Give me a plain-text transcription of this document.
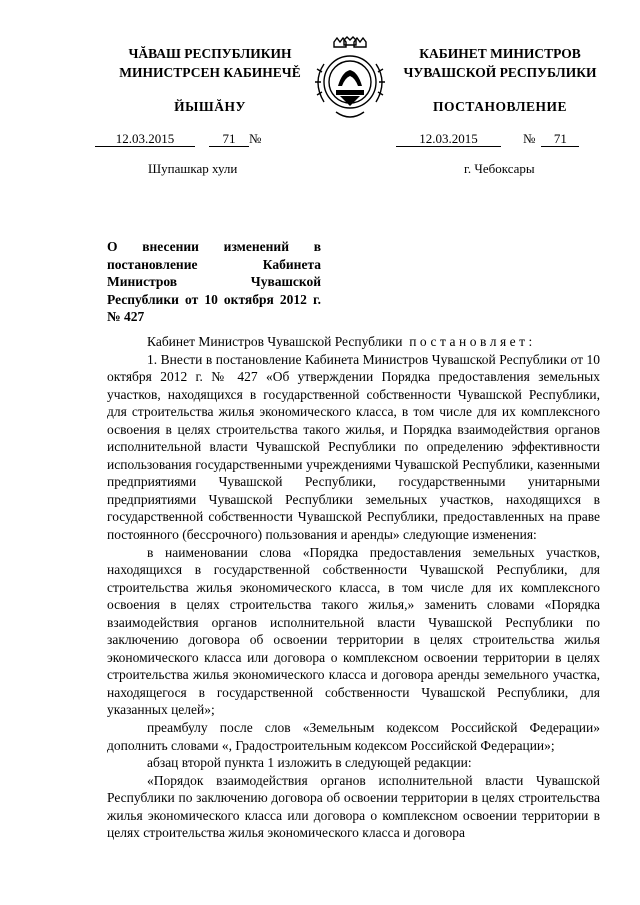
ЧĂВАШ РЕСПУБЛИКИН
МИНИСТРСЕН КАБИНЕЧĚ
ЙЫШĂНУ
КАБИНЕТ МИНИСТРОВ
ЧУВАШСКОЙ РЕСПУБЛИКИ
ПОСТАНОВЛЕНИЕ
12.03.2015	71 №	12.03.2015	№ 71
Шупашкар хули	г. Чебоксары
О внесении изменений в постановление Кабинета Министров Чувашской Республики от 10 октября 2012 г. № 427

Кабинет Министров Чувашской Республики постановляет:

1. Внести в постановление Кабинета Министров Чувашской Республики от 10 октября 2012 г. № 427 «Об утверждении Порядка предоставления земельных участков, находящихся в государственной собственности Чувашской Республики, для строительства жилья экономического класса, в том числе для их комплексного освоения в целях строительства такого жилья, и Порядка взаимодействия органов исполнительной власти Чувашской Республики по определению эффективности использования государственными учреждениями Чувашской Республики, казенными предприятиями Чувашской Республики, государственными унитарными предприятиями Чувашской Республики земельных участков, находящихся в государственной собственности Чувашской Республики, предоставленных на праве постоянного (бессрочного) пользования и аренды» следующие изменения:

в наименовании слова «Порядка предоставления земельных участков, находящихся в государственной собственности Чувашской Республики, для строительства жилья экономического класса, в том числе для их комплексного освоения в целях строительства такого жилья,» заменить словами «Порядка взаимодействия органов исполнительной власти Чувашской Республики по заключению договора об освоении территории в целях строительства жилья экономического класса или договора о комплексном освоении территории в целях строительства жилья экономического класса и договора аренды земельного участка, находящегося в государственной собственности Чувашской Республики, для указанных целей»;

преамбулу после слов «Земельным кодексом Российской Федерации» дополнить словами «, Градостроительным кодексом Российской Федерации»;

абзац второй пункта 1 изложить в следующей редакции:

«Порядок взаимодействия органов исполнительной власти Чувашской Республики по заключению договора об освоении территории в целях строительства жилья экономического класса или договора о комплексном освоении территории в целях строительства жилья экономического класса и договора
